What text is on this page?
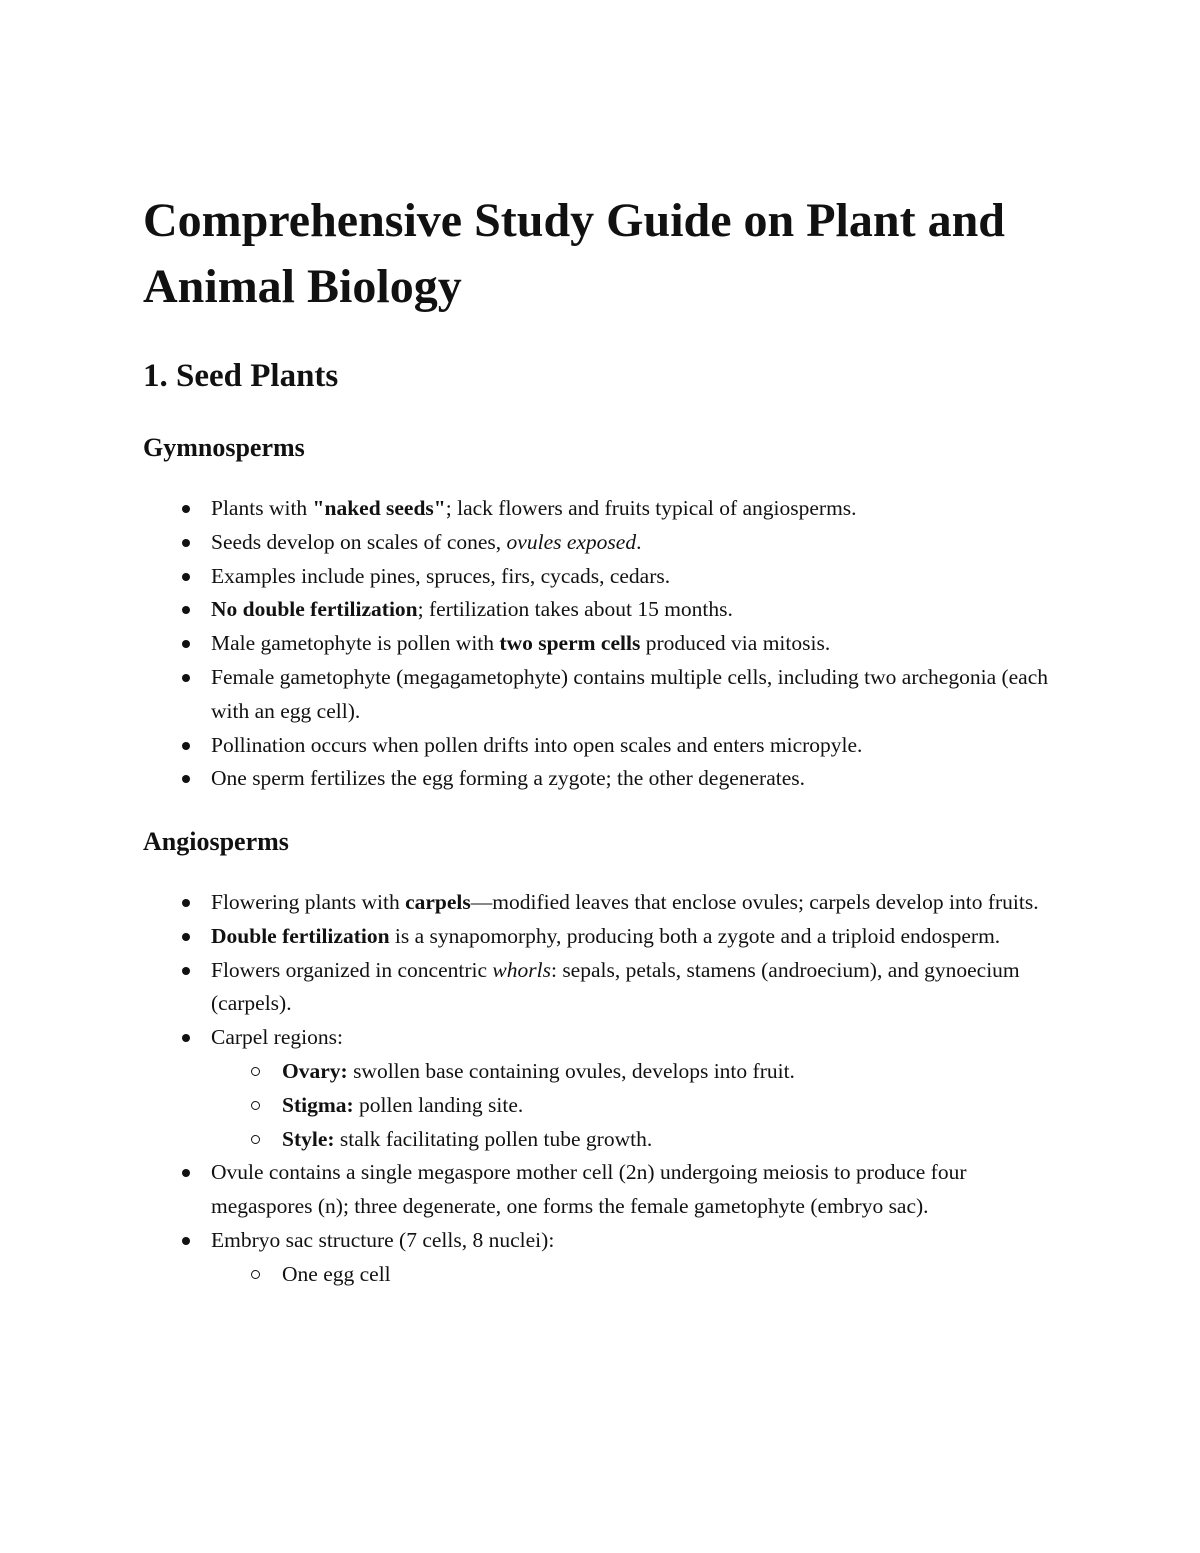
Comprehensive Study Guide on Plant and Animal Biology
1. Seed Plants
Gymnosperms
Plants with "naked seeds"; lack flowers and fruits typical of angiosperms.
Seeds develop on scales of cones, ovules exposed.
Examples include pines, spruces, firs, cycads, cedars.
No double fertilization; fertilization takes about 15 months.
Male gametophyte is pollen with two sperm cells produced via mitosis.
Female gametophyte (megagametophyte) contains multiple cells, including two archegonia (each with an egg cell).
Pollination occurs when pollen drifts into open scales and enters micropyle.
One sperm fertilizes the egg forming a zygote; the other degenerates.
Angiosperms
Flowering plants with carpels—modified leaves that enclose ovules; carpels develop into fruits.
Double fertilization is a synapomorphy, producing both a zygote and a triploid endosperm.
Flowers organized in concentric whorls: sepals, petals, stamens (androecium), and gynoecium (carpels).
Carpel regions:
Ovary: swollen base containing ovules, develops into fruit.
Stigma: pollen landing site.
Style: stalk facilitating pollen tube growth.
Ovule contains a single megaspore mother cell (2n) undergoing meiosis to produce four megaspores (n); three degenerate, one forms the female gametophyte (embryo sac).
Embryo sac structure (7 cells, 8 nuclei):
One egg cell
